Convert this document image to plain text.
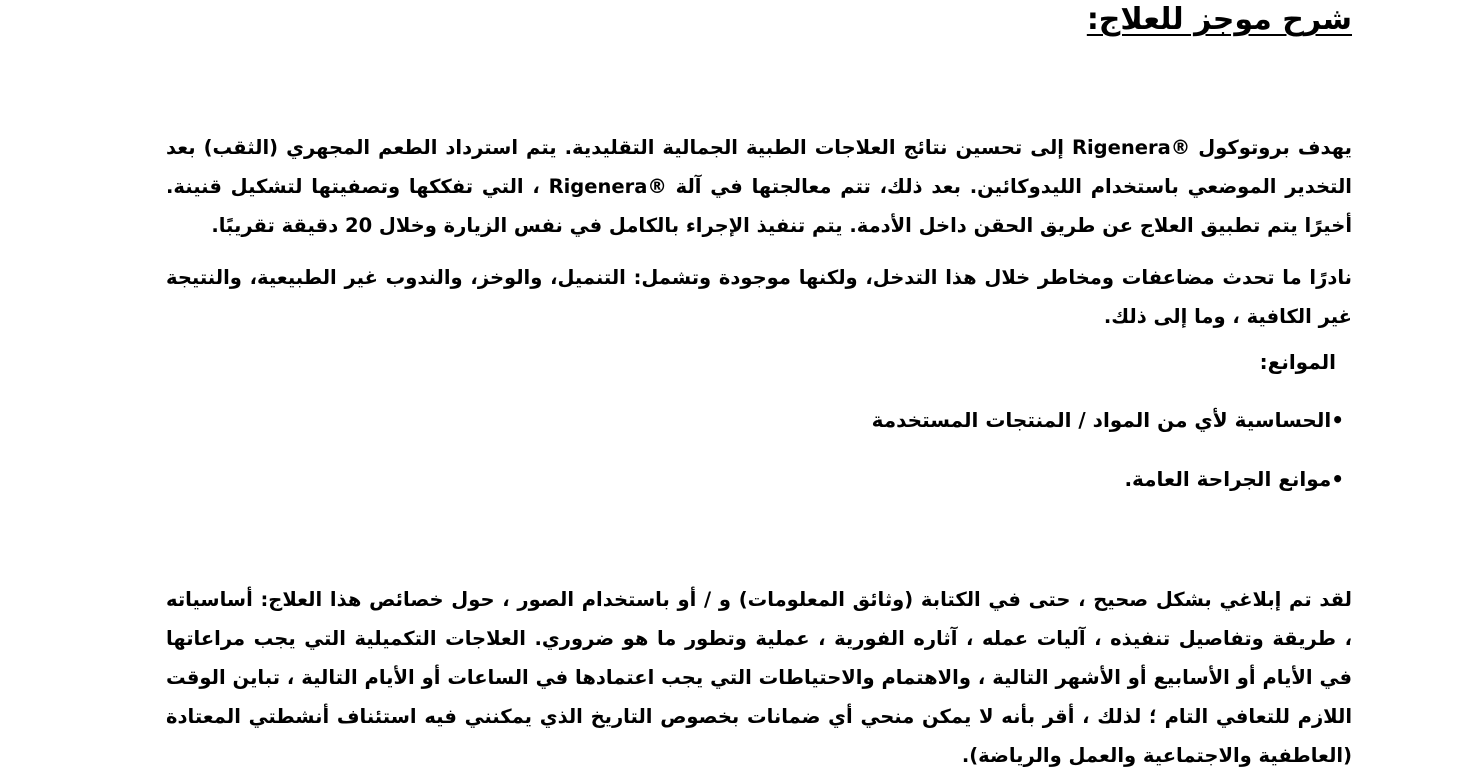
شرح موجز للعلاج:

يهدف بروتوكول ®Rigenera إلى تحسين نتائج العلاجات الطبية الجمالية التقليدية. يتم استرداد الطعم المجهري (الثقب) بعد
التخدير الموضعي باستخدام الليدوكائين. بعد ذلك، تتم معالجتها في آلة ®Rigenera ، التي تفككها وتصفيتها لتشكيل قنينة.
أخيرًا يتم تطبيق العلاج عن طريق الحقن داخل الأدمة. يتم تنفيذ الإجراء بالكامل في نفس الزيارة وخلال 20 دقيقة تقريبًا.

نادرًا ما تحدث مضاعفات ومخاطر خلال هذا التدخل، ولكنها موجودة وتشمل: التنميل، والوخز، والندوب غير الطبيعية، والنتيجة
غير الكافية ، وما إلى ذلك.

الموانع:

•الحساسية لأي من المواد / المنتجات المستخدمة

•موانع الجراحة العامة.

لقد تم إبلاغي بشكل صحيح ، حتى في الكتابة (وثائق المعلومات) و / أو باستخدام الصور ، حول خصائص هذا العلاج: أساسياته
، طريقة وتفاصيل تنفيذه ، آليات عمله ، آثاره الفورية ، عملية وتطور ما هو ضروري. العلاجات التكميلية التي يجب مراعاتها
في الأيام أو الأسابيع أو الأشهر التالية ، والاهتمام والاحتياطات التي يجب اعتمادها في الساعات أو الأيام التالية ، تباين الوقت
اللازم للتعافي التام ؛ لذلك ، أقر بأنه لا يمكن منحي أي ضمانات بخصوص التاريخ الذي يمكنني فيه استئناف أنشطتي المعتادة
(العاطفية والاجتماعية والعمل والرياضة).
